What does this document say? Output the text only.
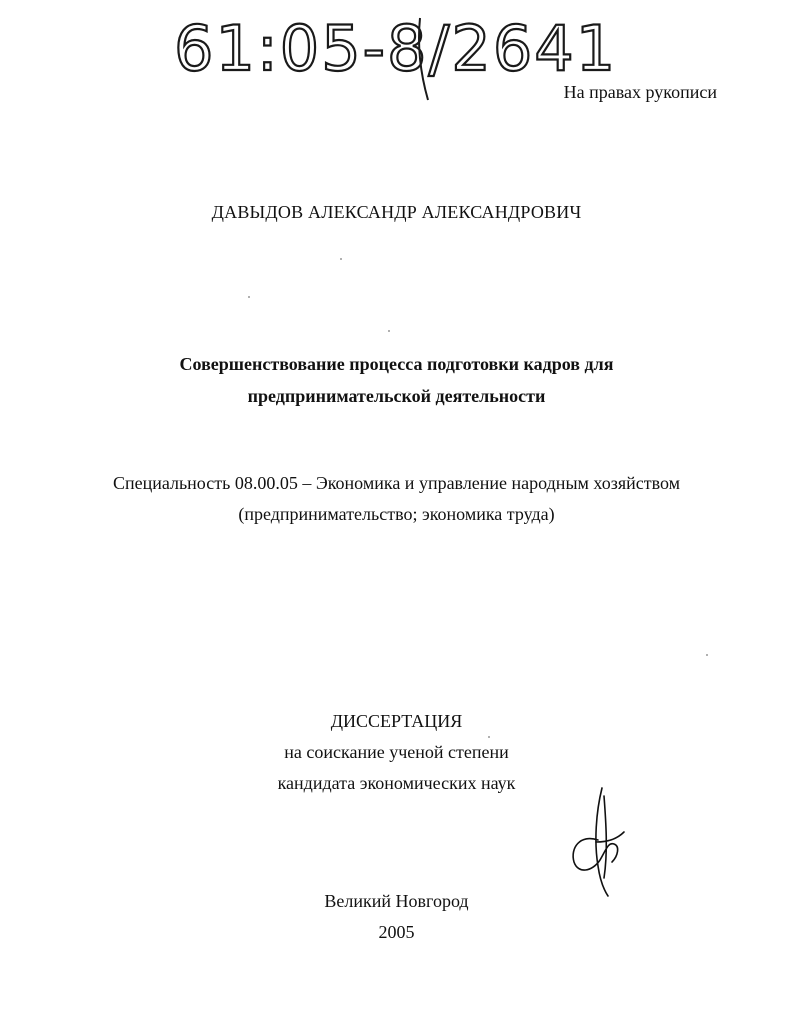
61:05-8/2641
На правах рукописи
ДАВЫДОВ АЛЕКСАНДР АЛЕКСАНДРОВИЧ
Совершенствование процесса подготовки кадров для
предпринимательской деятельности
Специальность 08.00.05 – Экономика и управление народным хозяйством
(предпринимательство; экономика труда)
ДИССЕРТАЦИЯ
на соискание ученой степени
кандидата экономических наук
Великий Новгород
2005
